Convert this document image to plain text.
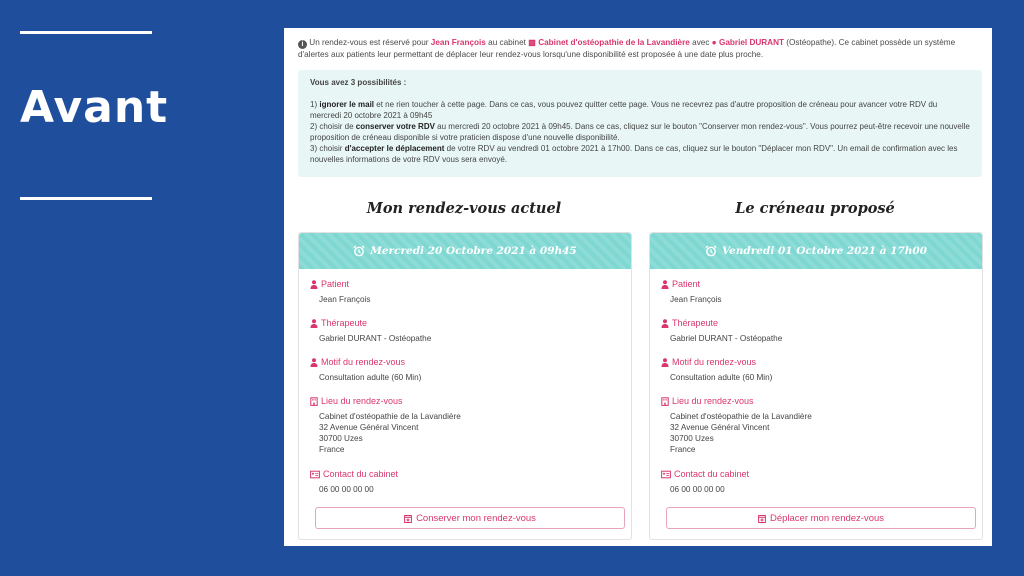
Avant
i Un rendez-vous est réservé pour Jean François au cabinet ▩ Cabinet d'ostéopathie de la Lavandière avec ● Gabriel DURANT (Ostéopathe). Ce cabinet possède un système d'alertes aux patients leur permettant de déplacer leur rendez-vous lorsqu'une disponibilité est proposée à une date plus proche.
Vous avez 3 possibilités :
1) ignorer le mail et ne rien toucher à cette page. Dans ce cas, vous pouvez quitter cette page. Vous ne recevrez pas d'autre proposition de créneau pour avancer votre RDV du mercredi 20 octobre 2021 à 09h45
2) choisir de conserver votre RDV au mercredi 20 octobre 2021 à 09h45. Dans ce cas, cliquez sur le bouton "Conserver mon rendez-vous". Vous pourrez peut-être recevoir une nouvelle proposition de créneau disponible si votre praticien dispose d'une nouvelle disponibilité.
3) choisir d'accepter le déplacement de votre RDV au vendredi 01 octobre 2021 à 17h00. Dans ce cas, cliquez sur le bouton "Déplacer mon RDV". Un email de confirmation avec les nouvelles informations de votre RDV vous sera envoyé.
Mon rendez-vous actuel	Le créneau proposé
Mercredi 20 Octobre 2021 à 09h45
Patient
Jean François
Thérapeute
Gabriel DURANT - Ostéopathe
Motif du rendez-vous
Consultation adulte (60 Min)
Lieu du rendez-vous
Cabinet d'ostéopathie de la Lavandière
32 Avenue Général Vincent
30700 Uzes
France
Contact du cabinet
06 00 00 00 00
Conserver mon rendez-vous
Vendredi 01 Octobre 2021 à 17h00
Patient
Jean François
Thérapeute
Gabriel DURANT - Ostéopathe
Motif du rendez-vous
Consultation adulte (60 Min)
Lieu du rendez-vous
Cabinet d'ostéopathie de la Lavandière
32 Avenue Général Vincent
30700 Uzes
France
Contact du cabinet
06 00 00 00 00
Déplacer mon rendez-vous
